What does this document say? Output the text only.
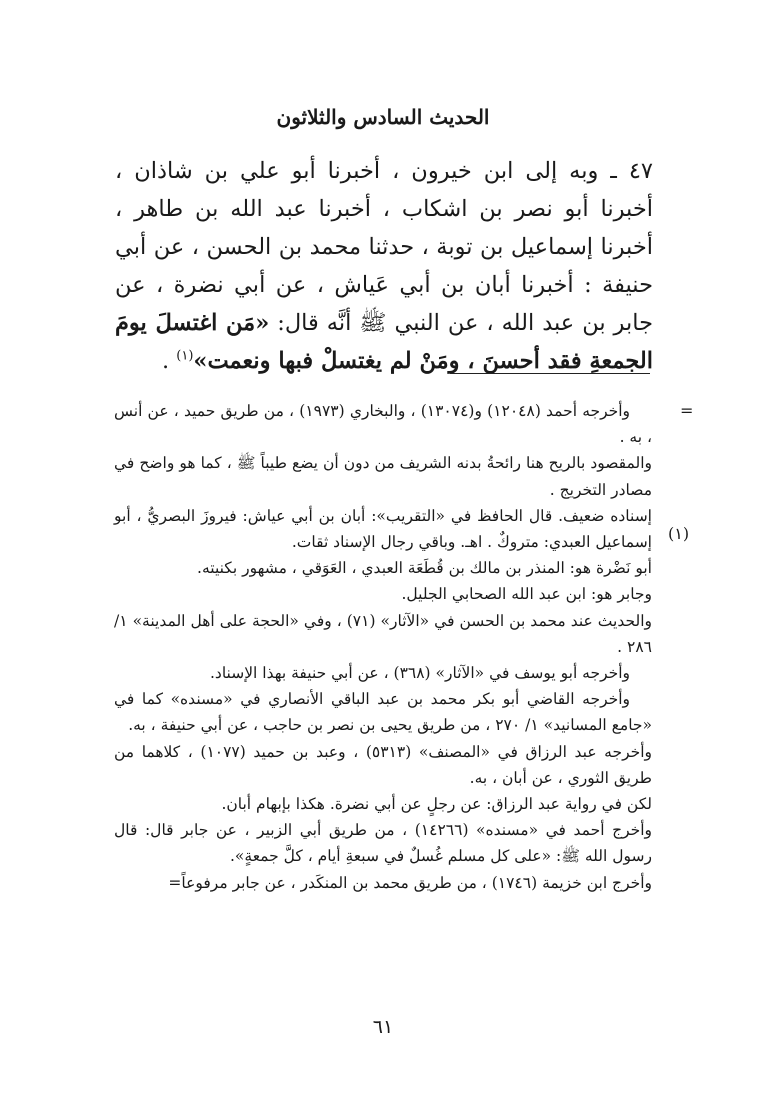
الحديث السادس والثلاثون
٤٧ ـ وبه إلى ابن خيرون ، أخبرنا أبو علي بن شاذان ، أخبرنا أبو نصر بن اشكاب ، أخبرنا عبد الله بن طاهر ، أخبرنا إسماعيل بن توبة ، حدثنا محمد بن الحسن ، عن أبي حنيفة : أخبرنا أبان بن أبي عَياش ، عن أبي نضرة ، عن جابر بن عبد الله ، عن النبي ﷺ أنَّه قال: «مَن اغتسلَ يومَ الجمعةِ فقد أحسنَ ، ومَنْ لم يغتسلْ فبها ونعمت»$^{(١)}$ .
=
(١)

وأخرجه أحمد (١٢٠٤٨) و(١٣٠٧٤) ، والبخاري (١٩٧٣) ، من طريق حميد ، عن أنس ، به .

والمقصود بالريح هنا رائحةُ بدنه الشريف من دون أن يضع طيباً ﷺ ، كما هو واضح في مصادر التخريج .

إسناده ضعيف. قال الحافظ في «التقريب»: أبان بن أبي عياش: فيروزَ البصريُّ ، أبو إسماعيل العبدي: متروكٌ . اهـ. وباقي رجال الإسناد ثقات.

أبو نَضْرة هو: المنذر بن مالك بن قُطَعَة العبدي ، العَوَقي ، مشهور بكنيته.

وجابر هو: ابن عبد الله الصحابي الجليل.

والحديث عند محمد بن الحسن في «الآثار» (٧١) ، وفي «الحجة على أهل المدينة» ١/ ٢٨٦ .

وأخرجه أبو يوسف في «الآثار» (٣٦٨) ، عن أبي حنيفة بهذا الإسناد.

وأخرجه القاضي أبو بكر محمد بن عبد الباقي الأنصاري في «مسنده» كما في «جامع المسانيد» ١/ ٢٧٠ ، من طريق يحيى بن نصر بن حاجب ، عن أبي حنيفة ، به.

وأخرجه عبد الرزاق في «المصنف» (٥٣١٣) ، وعبد بن حميد (١٠٧٧) ، كلاهما من طريق الثوري ، عن أبان ، به.

لكن في رواية عبد الرزاق: عن رجلٍ عن أبي نضرة. هكذا بإبهام أبان.

وأخرج أحمد في «مسنده» (١٤٢٦٦) ، من طريق أبي الزبير ، عن جابر قال: قال رسول الله ﷺ: «على كل مسلم غُسلٌ في سبعةِ أيام ، كلَّ جمعةٍ».

وأخرج ابن خزيمة (١٧٤٦) ، من طريق محمد بن المنكَدر ، عن جابر مرفوعاً=

٦١
